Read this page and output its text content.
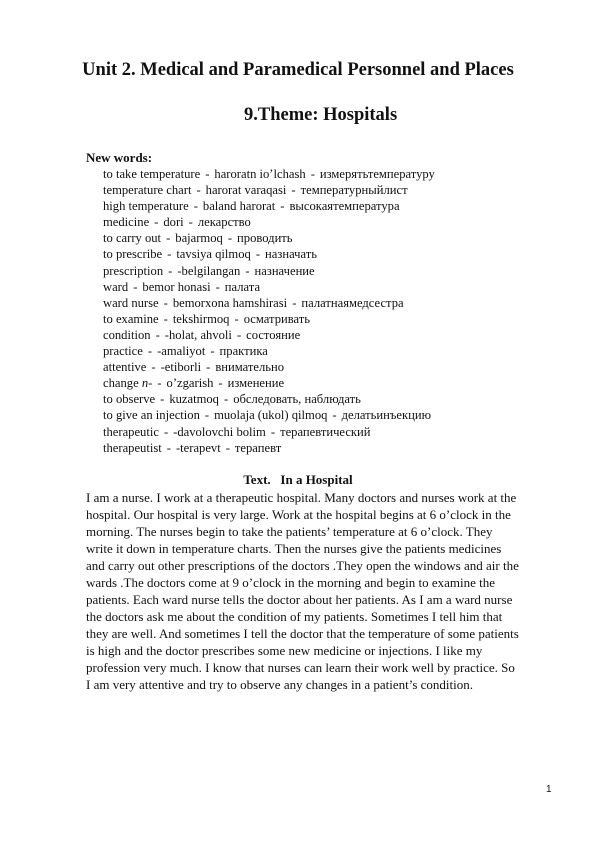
Unit 2. Medical and Paramedical Personnel and Places
9.Theme: Hospitals
New words:
to take temperature - haroratn io’lchash - измерятьтемпературу
temperature chart - harorat varaqasi - температурныйлист
high temperature - baland harorat - высокаятемпература
medicine - dori - лекарство
to carry out - bajarmoq - проводить
to prescribe - tavsiya qilmoq - назначать
prescription - -belgilangan - назначение
ward - bemor honasi - палата
ward nurse - bemorxona hamshirasi - палатнаямедсестра
to examine - tekshirmoq - осматривать
condition - -holat, ahvoli - состояние
practice - -amaliyot - практика
attentive - -etiborli - внимательно
change n- - o’zgarish - изменение
to observe - kuzatmoq - обследовать, наблюдать
to give an injection - muolaja (ukol) qilmoq - делатьинъекцию
therapeutic - -davolovchi bolim - терапевтический
therapeutist - -terapevt - терапевт
Text.   In a Hospital
I am a nurse. I work at a therapeutic hospital. Many doctors and nurses work at the
hospital. Our hospital is very large. Work at the hospital begins at 6 o’clock in the
morning. The nurses begin to take the patients’ temperature at 6 o’clock. They
write it down in temperature charts. Then the nurses give the patients medicines
and carry out other prescriptions of the doctors .They open the windows and air the
wards .The doctors come at 9 o’clock in the morning and begin to examine the
patients. Each ward nurse tells the doctor about her patients. As I am a ward nurse
the doctors ask me about the condition of my patients. Sometimes I tell him that
they are well. And sometimes I tell the doctor that the temperature of some patients
is high and the doctor prescribes some new medicine or injections. I like my
profession very much. I know that nurses can learn their work well by practice. So
I am very attentive and try to observe any changes in a patient’s condition.
1
